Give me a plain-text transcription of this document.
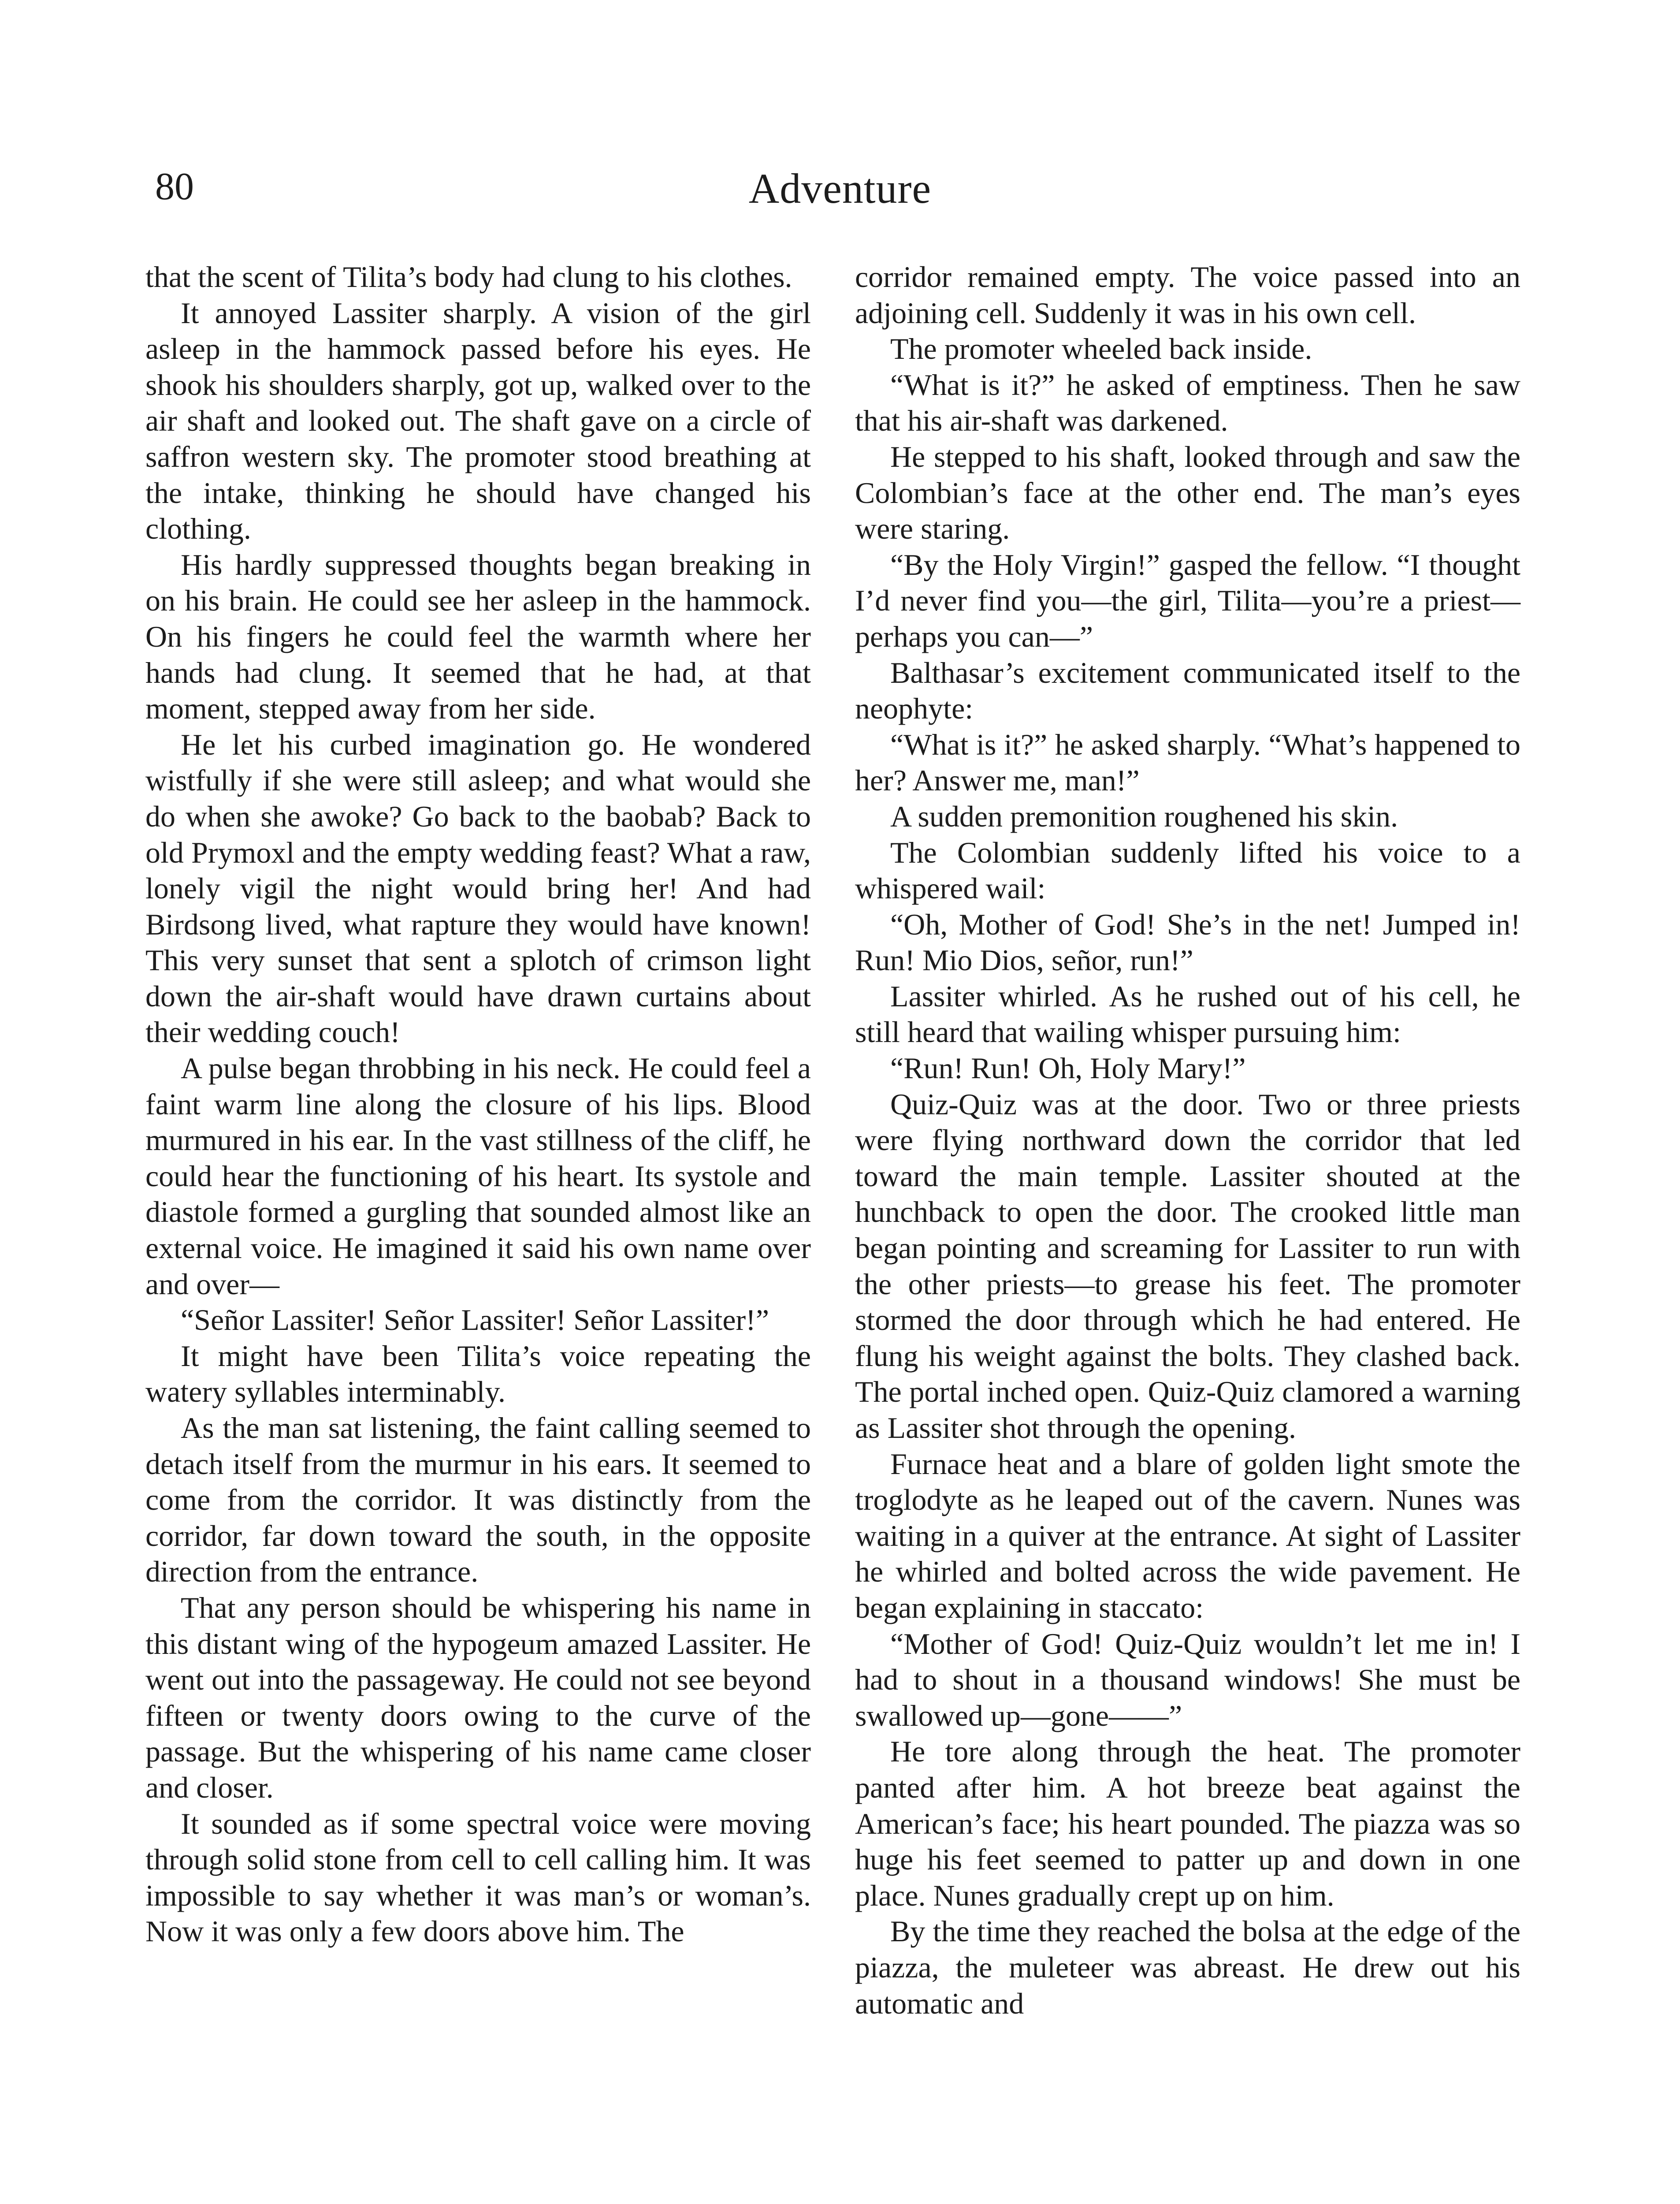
80	Adventure

that the scent of Tilita’s body had clung to his clothes.

It annoyed Lassiter sharply. A vision of the girl asleep in the hammock passed before his eyes. He shook his shoulders sharply, got up, walked over to the air shaft and looked out. The shaft gave on a circle of saffron western sky. The promoter stood breathing at the intake, thinking he should have changed his clothing.

His hardly suppressed thoughts began breaking in on his brain. He could see her asleep in the hammock. On his fingers he could feel the warmth where her hands had clung. It seemed that he had, at that moment, stepped away from her side.

He let his curbed imagination go. He wondered wistfully if she were still asleep; and what would she do when she awoke? Go back to the baobab? Back to old Prymoxl and the empty wedding feast? What a raw, lonely vigil the night would bring her! And had Birdsong lived, what rapture they would have known! This very sunset that sent a splotch of crimson light down the air-shaft would have drawn curtains about their wedding couch!

A pulse began throbbing in his neck. He could feel a faint warm line along the closure of his lips. Blood murmured in his ear. In the vast stillness of the cliff, he could hear the functioning of his heart. Its systole and diastole formed a gurgling that sounded almost like an external voice. He imagined it said his own name over and over—

“Señor Lassiter! Señor Lassiter! Señor Lassiter!”

It might have been Tilita’s voice repeating the watery syllables interminably.

As the man sat listening, the faint calling seemed to detach itself from the murmur in his ears. It seemed to come from the corridor. It was distinctly from the corridor, far down toward the south, in the opposite direction from the entrance.

That any person should be whispering his name in this distant wing of the hypogeum amazed Lassiter. He went out into the passageway. He could not see beyond fifteen or twenty doors owing to the curve of the passage. But the whispering of his name came closer and closer.

It sounded as if some spectral voice were moving through solid stone from cell to cell calling him. It was impossible to say whether it was man’s or woman’s. Now it was only a few doors above him. The

corridor remained empty. The voice passed into an adjoining cell. Suddenly it was in his own cell.

The promoter wheeled back inside.

“What is it?” he asked of emptiness. Then he saw that his air-shaft was darkened.

He stepped to his shaft, looked through and saw the Colombian’s face at the other end. The man’s eyes were staring.

“By the Holy Virgin!” gasped the fellow. “I thought I’d never find you—the girl, Tilita—you’re a priest—perhaps you can—”

Balthasar’s excitement communicated itself to the neophyte:

“What is it?” he asked sharply. “What’s happened to her? Answer me, man!”

A sudden premonition roughened his skin.

The Colombian suddenly lifted his voice to a whispered wail:

“Oh, Mother of God! She’s in the net! Jumped in! Run! Mio Dios, señor, run!”

Lassiter whirled. As he rushed out of his cell, he still heard that wailing whisper pursuing him:

“Run! Run! Oh, Holy Mary!”

Quiz-Quiz was at the door. Two or three priests were flying northward down the corridor that led toward the main temple. Lassiter shouted at the hunchback to open the door. The crooked little man began pointing and screaming for Lassiter to run with the other priests—to grease his feet. The promoter stormed the door through which he had entered. He flung his weight against the bolts. They clashed back. The portal inched open. Quiz-Quiz clamored a warning as Lassiter shot through the opening.

Furnace heat and a blare of golden light smote the troglodyte as he leaped out of the cavern. Nunes was waiting in a quiver at the entrance. At sight of Lassiter he whirled and bolted across the wide pavement. He began explaining in staccato:

“Mother of God! Quiz-Quiz wouldn’t let me in! I had to shout in a thousand windows! She must be swallowed up—gone——”

He tore along through the heat. The promoter panted after him. A hot breeze beat against the American’s face; his heart pounded. The piazza was so huge his feet seemed to patter up and down in one place. Nunes gradually crept up on him.

By the time they reached the bolsa at the edge of the piazza, the muleteer was abreast. He drew out his automatic and
